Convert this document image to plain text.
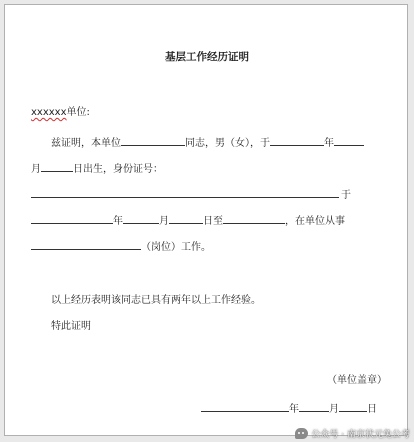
基层工作经历证明
xxxxxx单位:
兹证明，本单位	同志，男（女），于	年
月	日出生，身份证号：
于
年	月	日至	，在单位从事
（岗位）工作。
以上经历表明该同志已具有两年以上工作经验。
特此证明
（单位盖章）
年	月	日
公众号 · 南京状元兔公考
